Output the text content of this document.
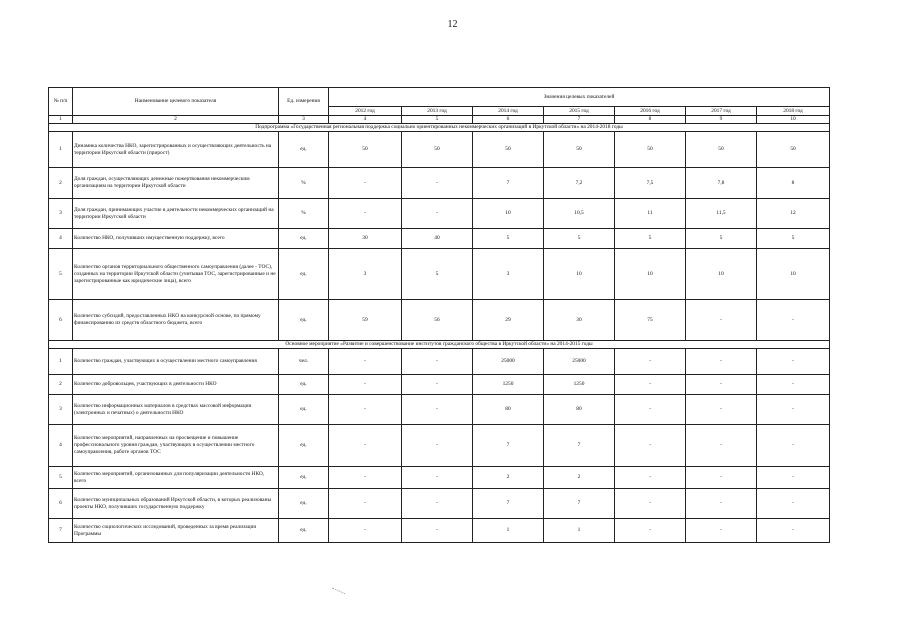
12
№ п/п	Наименование целевого показателя	Ед. измерения	Значения целевых показателей						
			2012 год	2013 год	2014 год	2015 год	2016 год	2017 год	2018 год
1	2	3	4	5	6	7	8	9	10
Подпрограмма «Государственная региональная поддержка социально ориентированных некоммерческих организаций в Иркутской области» на 2014-2018 годы									
1	Динамика количества НКО, зарегистрированных и осуществляющих деятельность на территории Иркутской области (прирост)	ед.	50	50	50	50	50	50	50
2	Доля граждан, осуществляющих денежные пожертвования некоммерческим организациям на территории Иркутской области	%	-	-	7	7,2	7,5	7,8	8
3	Доля граждан, принимающих участие в деятельности некоммерческих организаций на территории Иркутской области	%	-	-	10	10,5	11	11,5	12
4	Количество НКО, получивших имущественную поддержку, всего	ед.	30	40	5	5	5	5	5
5	Количество органов территориального общественного самоуправления (далее - ТОС), созданных на территории Иркутской области (учитывая ТОС, зарегистрированные и не зарегистрированные как юридические лица), всего	ед.	3	5	3	10	10	10	10
6	Количество субсидий, предоставленных НКО на конкурсной основе, по прямому финансированию из средств областного бюджета, всего	ед.	59	56	29	30	75	-	-
Основное мероприятие «Развитие и совершенствование институтов гражданского общества в Иркутской области» на 2014-2015 годы									
1	Количество граждан, участвующих в осуществлении местного самоуправления	чел.	-	-	25000	25000	-	-	-
2	Количество добровольцев, участвующих в деятельности НКО	ед.	-	-	1250	1250	-	-	-
3	Количество информационных материалов в средствах массовой информации (электронных и печатных) о деятельности НКО	ед.	-	-	80	80	-	-	-
4	Количество мероприятий, направленных на просвещение и повышение профессионального уровня граждан, участвующих в осуществлении местного самоуправления, работе органов ТОС	ед.	-	-	7	7	-	-	-
5	Количество мероприятий, организованных для популяризации деятельности НКО, всего	ед.	-	-	2	2	-	-	-
6	Количество муниципальных образований Иркутской области, в которых реализованы проекты НКО, получивших государственную поддержку	ед.	-	-	7	7	-	-	-
7	Количество социологических исследований, проведенных за время реализации Программы	ед.	-	-	1	1	-	-	-
